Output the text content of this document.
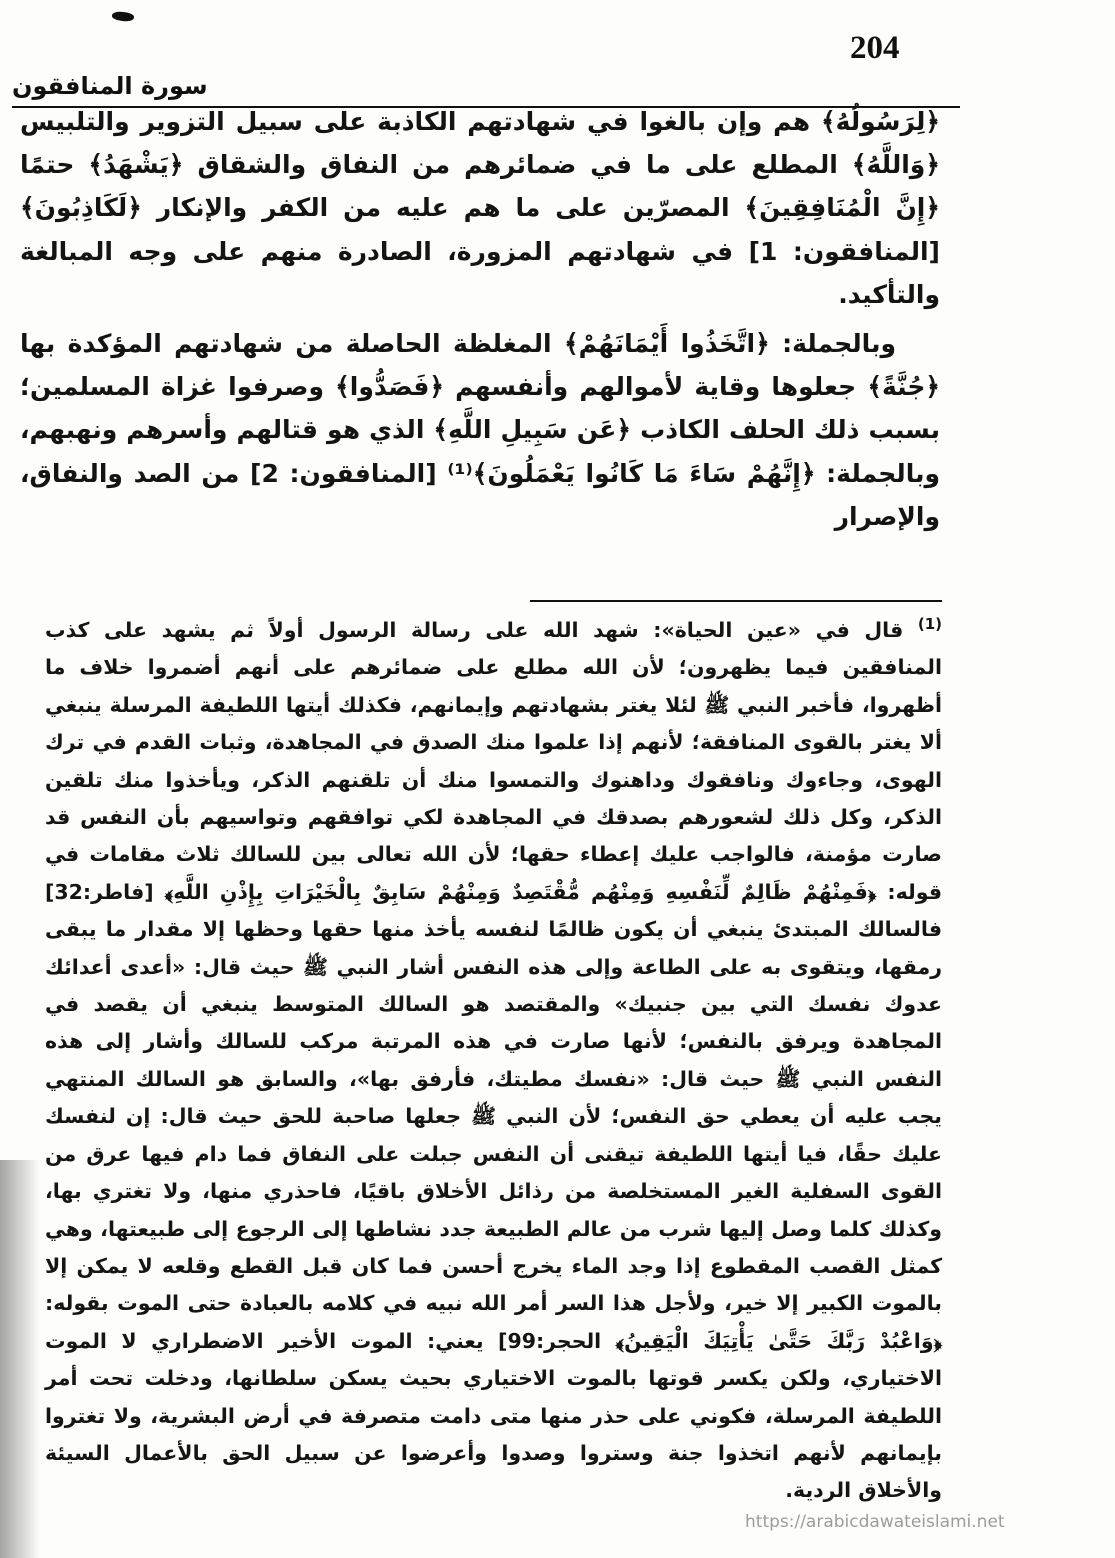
204
سورة المنافقون

﴿لِرَسُولُهُ﴾ هم وإن بالغوا في شهادتهم الكاذبة على سبيل التزوير والتلبيس ﴿وَاللَّهُ﴾ المطلع على ما في ضمائرهم من النفاق والشقاق ﴿يَشْهَدُ﴾ حتمًا ﴿إِنَّ الْمُنَافِقِينَ﴾ المصرّين على ما هم عليه من الكفر والإنكار ﴿لَكَاذِبُونَ﴾ [المنافقون: 1] في شهادتهم المزورة، الصادرة منهم على وجه المبالغة والتأكيد.

وبالجملة: ﴿اتَّخَذُوا أَيْمَانَهُمْ﴾ المغلظة الحاصلة من شهادتهم المؤكدة بها ﴿جُنَّةً﴾ جعلوها وقاية لأموالهم وأنفسهم ﴿فَصَدُّوا﴾ وصرفوا غزاة المسلمين؛ بسبب ذلك الحلف الكاذب ﴿عَن سَبِيلِ اللَّهِ﴾ الذي هو قتالهم وأسرهم ونهبهم، وبالجملة: ﴿إِنَّهُمْ سَاءَ مَا كَانُوا يَعْمَلُونَ﴾⁽¹⁾ [المنافقون: 2] من الصد والنفاق، والإصرار

$^{(1)}$ قال في «عين الحياة»: شهد الله على رسالة الرسول أولاً ثم يشهد على كذب المنافقين فيما يظهرون؛ لأن الله مطلع على ضمائرهم على أنهم أضمروا خلاف ما أظهروا، فأخبر النبي ﷺ لئلا يغتر بشهادتهم وإيمانهم، فكذلك أيتها اللطيفة المرسلة ينبغي ألا يغتر بالقوى المنافقة؛ لأنهم إذا علموا منك الصدق في المجاهدة، وثبات القدم في ترك الهوى، وجاءوك ونافقوك وداهنوك والتمسوا منك أن تلقنهم الذكر، ويأخذوا منك تلقين الذكر، وكل ذلك لشعورهم بصدقك في المجاهدة لكي توافقهم وتواسيهم بأن النفس قد صارت مؤمنة، فالواجب عليك إعطاء حقها؛ لأن الله تعالى بين للسالك ثلاث مقامات في قوله: ﴿فَمِنْهُمْ ظَالِمٌ لِّنَفْسِهِ وَمِنْهُم مُّقْتَصِدٌ وَمِنْهُمْ سَابِقٌ بِالْخَيْرَاتِ بِإِذْنِ اللَّهِ﴾ [فاطر:32] فالسالك المبتدئ ينبغي أن يكون ظالمًا لنفسه يأخذ منها حقها وحظها إلا مقدار ما يبقى رمقها، ويتقوى به على الطاعة وإلى هذه النفس أشار النبي ﷺ حيث قال: «أعدى أعدائك عدوك نفسك التي بين جنبيك» والمقتصد هو السالك المتوسط ينبغي أن يقصد في المجاهدة ويرفق بالنفس؛ لأنها صارت في هذه المرتبة مركب للسالك وأشار إلى هذه النفس النبي ﷺ حيث قال: «نفسك مطيتك، فأرفق بها»، والسابق هو السالك المنتهي يجب عليه أن يعطي حق النفس؛ لأن النبي ﷺ جعلها صاحبة للحق حيث قال: إن لنفسك عليك حقًا، فيا أيتها اللطيفة تيقنى أن النفس جبلت على النفاق فما دام فيها عرق من القوى السفلية الغير المستخلصة من رذائل الأخلاق باقيًا، فاحذري منها، ولا تغتري بها، وكذلك كلما وصل إليها شرب من عالم الطبيعة جدد نشاطها إلى الرجوع إلى طبيعتها، وهي كمثل القصب المقطوع إذا وجد الماء يخرج أحسن فما كان قبل القطع وقلعه لا يمكن إلا بالموت الكبير إلا خير، ولأجل هذا السر أمر الله نبيه في كلامه بالعبادة حتى الموت بقوله: ﴿وَاعْبُدْ رَبَّكَ حَتَّىٰ يَأْتِيَكَ الْيَقِينُ﴾ الحجر:99] يعني: الموت الأخير الاضطراري لا الموت الاختياري، ولكن يكسر قوتها بالموت الاختياري بحيث يسكن سلطانها، ودخلت تحت أمر اللطيفة المرسلة، فكوني على حذر منها متى دامت متصرفة في أرض البشرية، ولا تغتروا بإيمانهم لأنهم اتخذوا جنة وستروا وصدوا وأعرضوا عن سبيل الحق بالأعمال السيئة والأخلاق الردية.

https://arabicdawateislami.net
